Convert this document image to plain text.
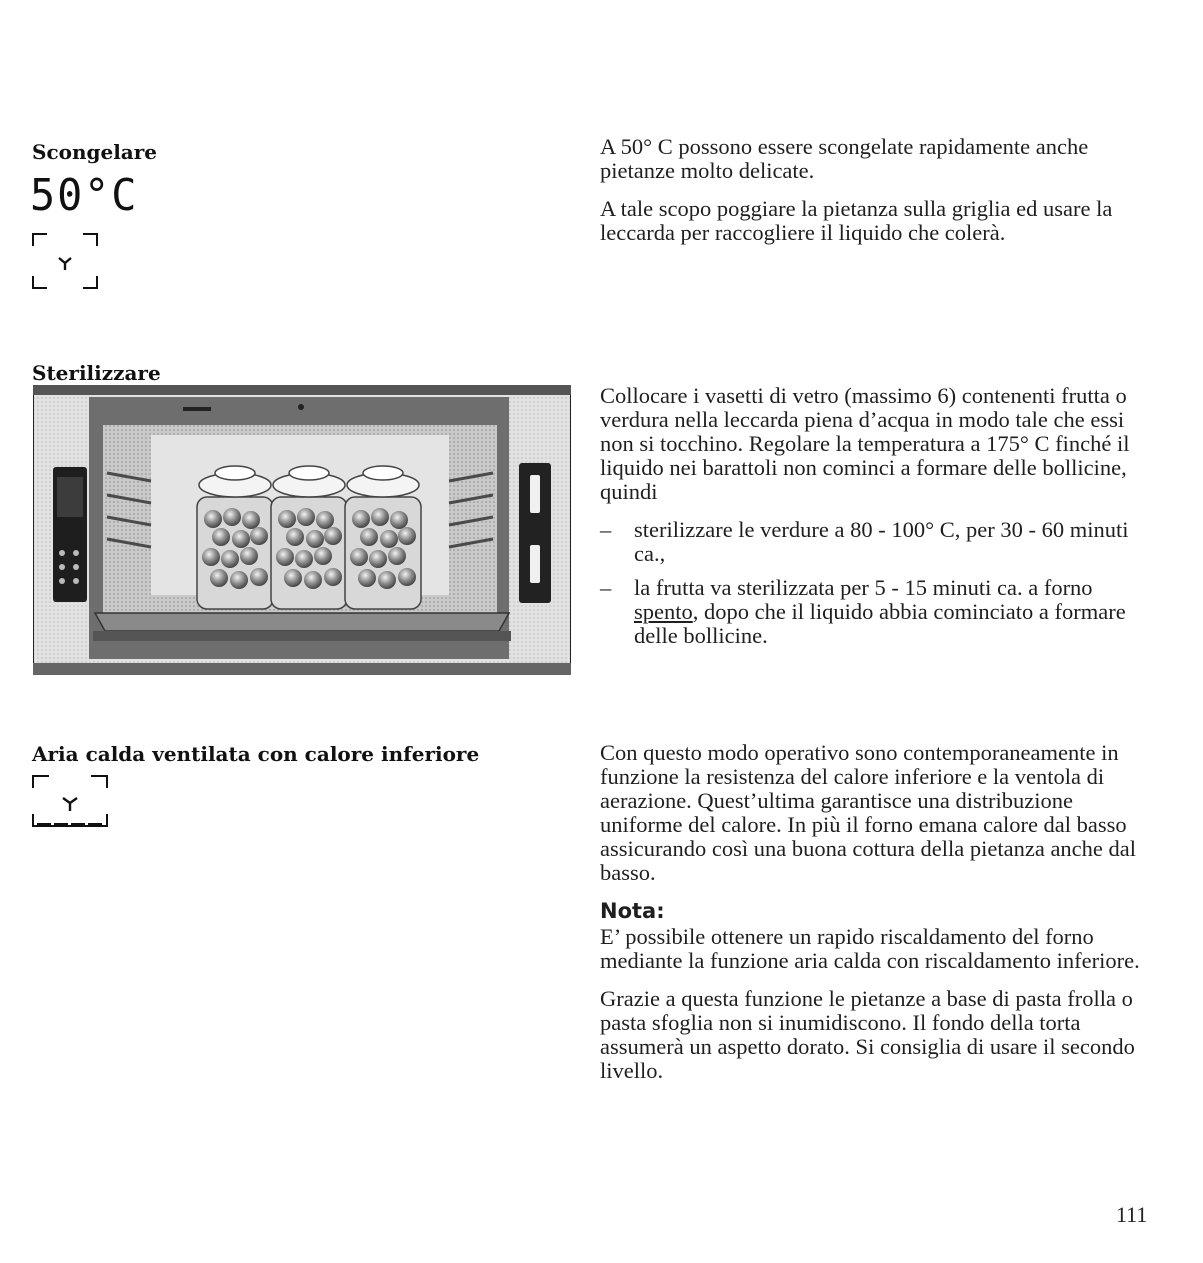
Scongelare
50°C

A 50° C possono essere scongelate rapidamente anche pietanze molto delicate.

A tale scopo poggiare la pietanza sulla griglia ed usare la leccarda per raccogliere il liquido che colerà.

Sterilizzare

Collocare i vasetti di vetro (massimo 6) contenenti frutta o verdura nella leccarda piena d’acqua in modo tale che essi non si tocchino. Regolare la temperatura a 175° C finché il liquido nei barattoli non cominci a formare delle bollicine, quindi

– sterilizzare le verdure a 80 - 100° C, per 30 - 60 minuti ca.,
– la frutta va sterilizzata per 5 - 15 minuti ca. a forno spento, dopo che il liquido abbia cominciato a formare delle bollicine.
Aria calda ventilata con calore inferiore	Con questo modo operativo sono contemporaneamente in funzione la resistenza del calore inferiore e la ventola di aerazione. Quest’ultima garantisce una distribuzione uniforme del calore. In più il forno emana calore dal basso assicurando così una buona cottura della pietanza anche dal basso.

Nota:
E’ possibile ottenere un rapido riscaldamento del forno mediante la funzione aria calda con riscaldamento inferiore.

Grazie a questa funzione le pietanze a base di pasta frolla o pasta sfoglia non si inumidiscono. Il fondo della torta assumerà un aspetto dorato. Si consiglia di usare il secondo livello.

111
